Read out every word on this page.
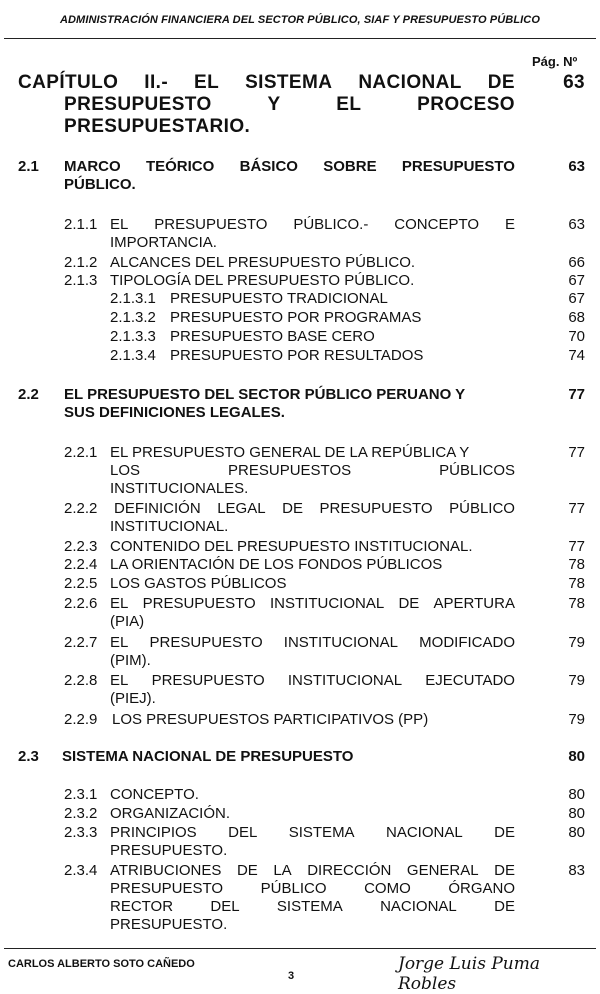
ADMINISTRACIÓN FINANCIERA DEL SECTOR PÚBLICO, SIAF Y PRESUPUESTO PÚBLICO
Pág. Nº
CAPÍTULO II.- EL SISTEMA NACIONAL DE
PRESUPUESTO	Y	EL	PROCESO
PRESUPUESTARIO.
63
2.1 MARCO TEÓRICO BÁSICO SOBRE PRESUPUESTO
PÚBLICO.
63
2.1.1 EL PRESUPUESTO PÚBLICO.- CONCEPTO E
IMPORTANCIA.
63
2.1.2 ALCANCES DEL PRESUPUESTO PÚBLICO.	66
2.1.3 TIPOLOGÍA DEL PRESUPUESTO PÚBLICO.	67
2.1.3.1 PRESUPUESTO TRADICIONAL	67
2.1.3.2 PRESUPUESTO POR PROGRAMAS	68
2.1.3.3 PRESUPUESTO BASE CERO	70
2.1.3.4 PRESUPUESTO POR RESULTADOS	74
2.2 EL PRESUPUESTO DEL SECTOR PÚBLICO PERUANO Y
SUS DEFINICIONES LEGALES.
77
2.2.1 EL PRESUPUESTO GENERAL DE LA REPÚBLICA Y
LOS	PRESUPUESTOS	PÚBLICOS
INSTITUCIONALES.
77
2.2.2 DEFINICIÓN LEGAL DE PRESUPUESTO PÚBLICO
INSTITUCIONAL.
77
2.2.3 CONTENIDO DEL PRESUPUESTO INSTITUCIONAL.	77
2.2.4 LA ORIENTACIÓN DE LOS FONDOS PÚBLICOS	78
2.2.5 LOS GASTOS PÚBLICOS	78
2.2.6 EL PRESUPUESTO INSTITUCIONAL DE APERTURA
(PIA)
78
2.2.7 EL PRESUPUESTO INSTITUCIONAL MODIFICADO
(PIM).
79
2.2.8 EL PRESUPUESTO INSTITUCIONAL EJECUTADO
(PIEJ).
79
2.2.9 LOS PRESUPUESTOS PARTICIPATIVOS (PP)	79
2.3 SISTEMA NACIONAL DE PRESUPUESTO	80
2.3.1 CONCEPTO.	80
2.3.2 ORGANIZACIÓN.	80
2.3.3 PRINCIPIOS DEL SISTEMA NACIONAL DE
PRESUPUESTO.
80
2.3.4 ATRIBUCIONES DE LA DIRECCIÓN GENERAL DE
PRESUPUESTO	PÚBLICO	COMO	ÓRGANO
RECTOR DEL SISTEMA NACIONAL DE
PRESUPUESTO.
83
CARLOS ALBERTO SOTO CAÑEDO
3
Jorge Luis Puma Robles
